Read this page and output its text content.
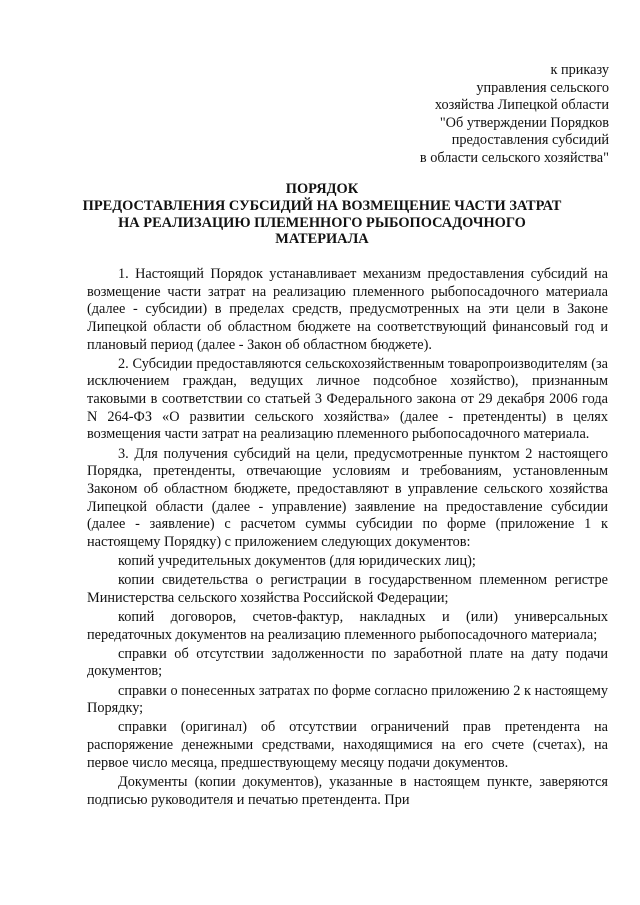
к приказу
управления сельского
хозяйства Липецкой области
"Об утверждении Порядков
предоставления субсидий
в области сельского хозяйства"
ПОРЯДОК
ПРЕДОСТАВЛЕНИЯ СУБСИДИЙ НА ВОЗМЕЩЕНИЕ ЧАСТИ ЗАТРАТ
НА РЕАЛИЗАЦИЮ ПЛЕМЕННОГО РЫБОПОСАДОЧНОГО
МАТЕРИАЛА

1. Настоящий Порядок устанавливает механизм предоставления субсидий на возмещение части затрат на реализацию племенного рыбопосадочного материала (далее - субсидии) в пределах средств, предусмотренных на эти цели в Законе Липецкой области об областном бюджете на соответствующий финансовый год и плановый период (далее - Закон об областном бюджете).

2. Субсидии предоставляются сельскохозяйственным товаропроизводителям (за исключением граждан, ведущих личное подсобное хозяйство), признанным таковыми в соответствии со статьей 3 Федерального закона от 29 декабря 2006 года N 264-ФЗ «О развитии сельского хозяйства» (далее - претенденты) в целях возмещения части затрат на реализацию племенного рыбопосадочного материала.

3. Для получения субсидий на цели, предусмотренные пунктом 2 настоящего Порядка, претенденты, отвечающие условиям и требованиям, установленным Законом об областном бюджете, предоставляют в управление сельского хозяйства Липецкой области (далее - управление) заявление на предоставление субсидии (далее - заявление) с расчетом суммы субсидии по форме (приложение 1 к настоящему Порядку) с приложением следующих документов:

копий учредительных документов (для юридических лиц);

копии свидетельства о регистрации в государственном племенном регистре Министерства сельского хозяйства Российской Федерации;

копий договоров, счетов-фактур, накладных и (или) универсальных передаточных документов на реализацию племенного рыбопосадочного материала;

справки об отсутствии задолженности по заработной плате на дату подачи документов;

справки о понесенных затратах по форме согласно приложению 2 к настоящему Порядку;

справки (оригинал) об отсутствии ограничений прав претендента на распоряжение денежными средствами, находящимися на его счете (счетах), на первое число месяца, предшествующему месяцу подачи документов.

Документы (копии документов), указанные в настоящем пункте, заверяются подписью руководителя и печатью претендента. При
